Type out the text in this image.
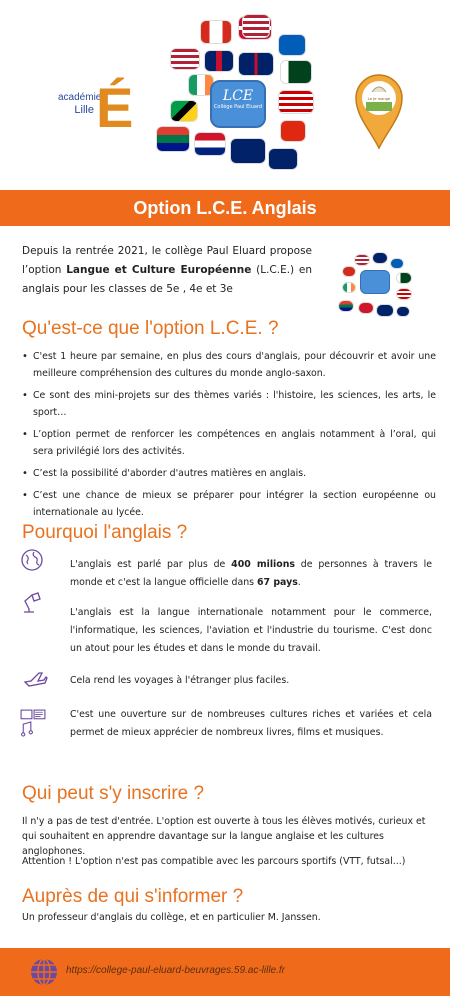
académie
Lille É	LCE
Collège Paul Eluard
Le Je mange
Option L.C.E. Anglais

Depuis la rentrée 2021, le collège Paul Eluard propose l’option Langue et Culture Européenne (L.C.E.) en anglais pour les classes de 5e , 4e et 3e

Qu'est-ce que l'option L.C.E. ?
• C'est 1 heure par semaine, en plus des cours d'anglais, pour découvrir et avoir une meilleure compréhension des cultures du monde anglo-saxon.
• Ce sont des mini-projets sur des thèmes variés : l'histoire, les sciences, les arts, le sport…
• L’option permet de renforcer les compétences en anglais notamment à l’oral, qui sera privilégié lors des activités.
• C’est la possibilité d'aborder d'autres matières en anglais.
• C’est une chance de mieux se préparer pour intégrer la section européenne ou internationale au lycée.
Pourquoi l'anglais ?

L'anglais est parlé par plus de 400 milions de personnes à travers le monde et c'est la langue officielle dans 67 pays.

L'anglais est la langue internationale notamment pour le commerce, l'informatique, les sciences, l'aviation et l'industrie du tourisme. C'est donc un atout pour les études et dans le monde du travail.

Cela rend les voyages à l'étranger plus faciles.

C'est une ouverture sur de nombreuses cultures riches et variées et cela permet de mieux apprécier de nombreux livres, films et musiques.

Qui peut s'y inscrire ?

Il n'y a pas de test d'entrée. L'option est ouverte à tous les élèves motivés, curieux et qui souhaitent en apprendre davantage sur la langue anglaise et les cultures anglophones.

Attention ! L'option n'est pas compatible avec les parcours sportifs (VTT, futsal...)

Auprès de qui s'informer ?

Un professeur d'anglais du collège, et en particulier M. Janssen.

https://college-paul-eluard-beuvrages.59.ac-lille.fr
